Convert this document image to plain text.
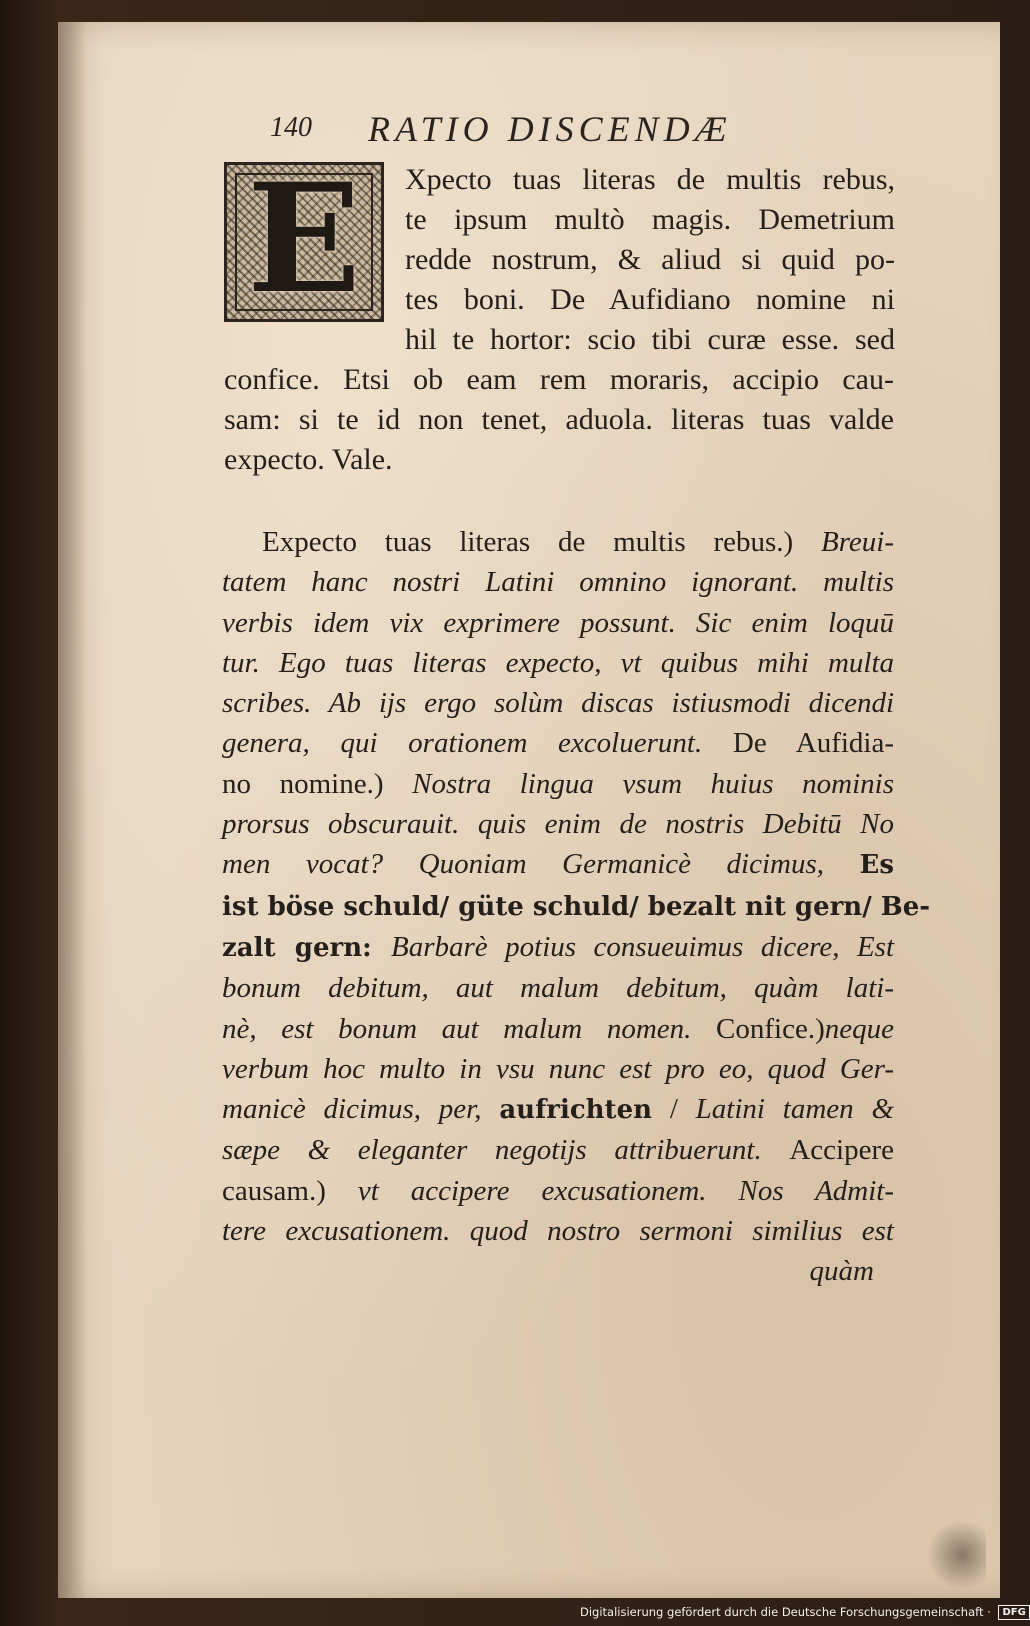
140 RATIO DISCENDÆ
E	Xpecto tuas literas de multis rebus,
te ipsum multò magis. Demetrium
redde nostrum, & aliud si quid po-
tes boni. De Aufidiano nomine ni
hil te hortor: scio tibi curæ esse. sed
confice. Etsi ob eam rem moraris, accipio cau-
sam: si te id non tenet, aduola. literas tuas valde
expecto. Vale.
Expecto tuas literas de multis rebus.) Breui-
tatem hanc nostri Latini omnino ignorant. multis
verbis idem vix exprimere possunt. Sic enim loquū
tur. Ego tuas literas expecto, vt quibus mihi multa
scribes. Ab ijs ergo solùm discas istiusmodi dicendi
genera, qui orationem excoluerunt. De Aufidia-
no nomine.) Nostra lingua vsum huius nominis
prorsus obscurauit. quis enim de nostris Debitū No
men vocat? Quoniam Germanicè dicimus, Es
ist böse schuld/ güte schuld/ bezalt nit gern/ Be-
zalt gern: Barbarè potius consueuimus dicere, Est
bonum debitum, aut malum debitum, quàm lati-
nè, est bonum aut malum nomen. Confice.)neque
verbum hoc multo in vsu nunc est pro eo, quod Ger-
manicè dicimus, per, aufrichten / Latini tamen &
sæpe & eleganter negotijs attribuerunt. Accipere
causam.) vt accipere excusationem. Nos Admit-
tere excusationem. quod nostro sermoni similius est
quàm
Digitalisierung gefördert durch die Deutsche Forschungsgemeinschaft · DFG
